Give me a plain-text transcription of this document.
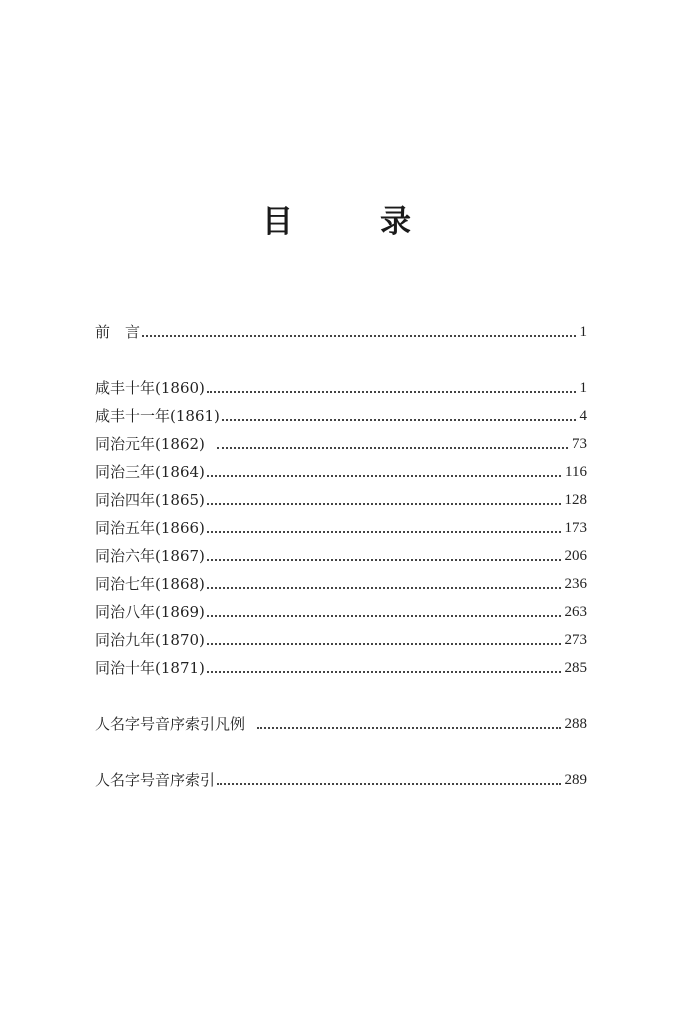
目　录
前　言	1
咸丰十年(1860)	1
咸丰十一年(1861)	4
同治元年(1862)	73
同治三年(1864)	116
同治四年(1865)	128
同治五年(1866)	173
同治六年(1867)	206
同治七年(1868)	236
同治八年(1869)	263
同治九年(1870)	273
同治十年(1871)	285
人名字号音序索引凡例	288
人名字号音序索引	289
